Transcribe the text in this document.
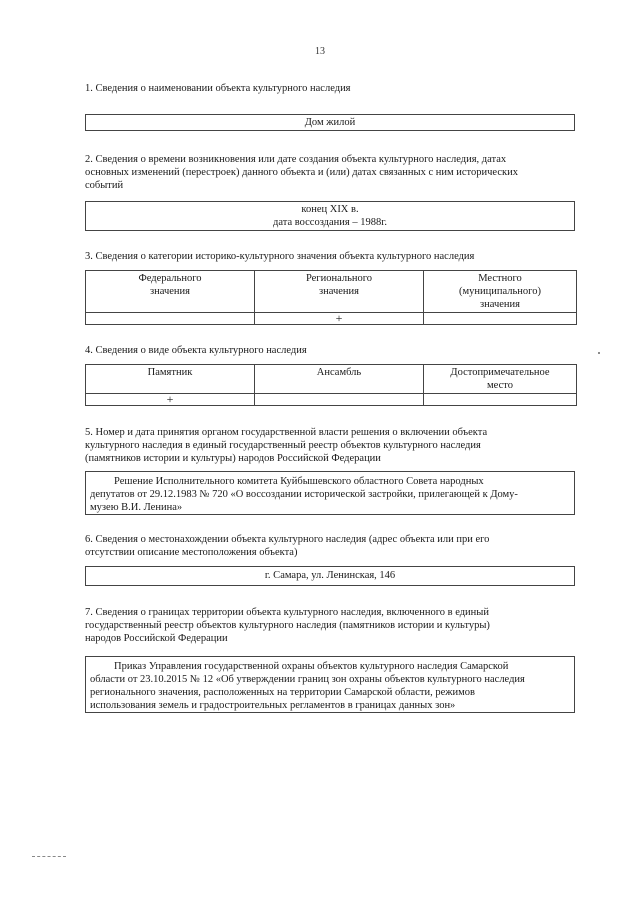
13
1. Сведения о наименовании объекта культурного наследия
Дом жилой
2. Сведения о времени возникновения или дате создания объекта культурного наследия, датах
основных изменений (перестроек) данного объекта и (или) датах связанных с ним исторических
событий
конец XIX в.
дата воссоздания – 1988г.
3. Сведения о категории историко-культурного значения объекта культурного наследия
Федерального
значения	Регионального
значения	Местного
(муниципального)
значения

	+	
4. Сведения о виде объекта культурного наследия
Памятник	Ансамбль	Достопримечательное
место

+		
5. Номер и дата принятия органом государственной власти решения о включении объекта
культурного наследия в единый государственный реестр объектов культурного наследия
(памятников истории и культуры) народов Российской Федерации
Решение Исполнительного комитета Куйбышевского областного Совета народных
депутатов от 29.12.1983 № 720 «О воссоздании исторической застройки, прилегающей к Дому-
музею В.И. Ленина»
6. Сведения о местонахождении объекта культурного наследия (адрес объекта или при его
отсутствии описание местоположения объекта)
г. Самара, ул. Ленинская, 146
7. Сведения о границах территории объекта культурного наследия, включенного в единый
государственный реестр объектов культурного наследия (памятников истории и культуры)
народов Российской Федерации
Приказ Управления государственной охраны объектов культурного наследия Самарской
области от 23.10.2015 № 12 «Об утверждении границ зон охраны объектов культурного наследия
регионального значения, расположенных на территории Самарской области, режимов
использования земель и градостроительных регламентов в границах данных зон»
